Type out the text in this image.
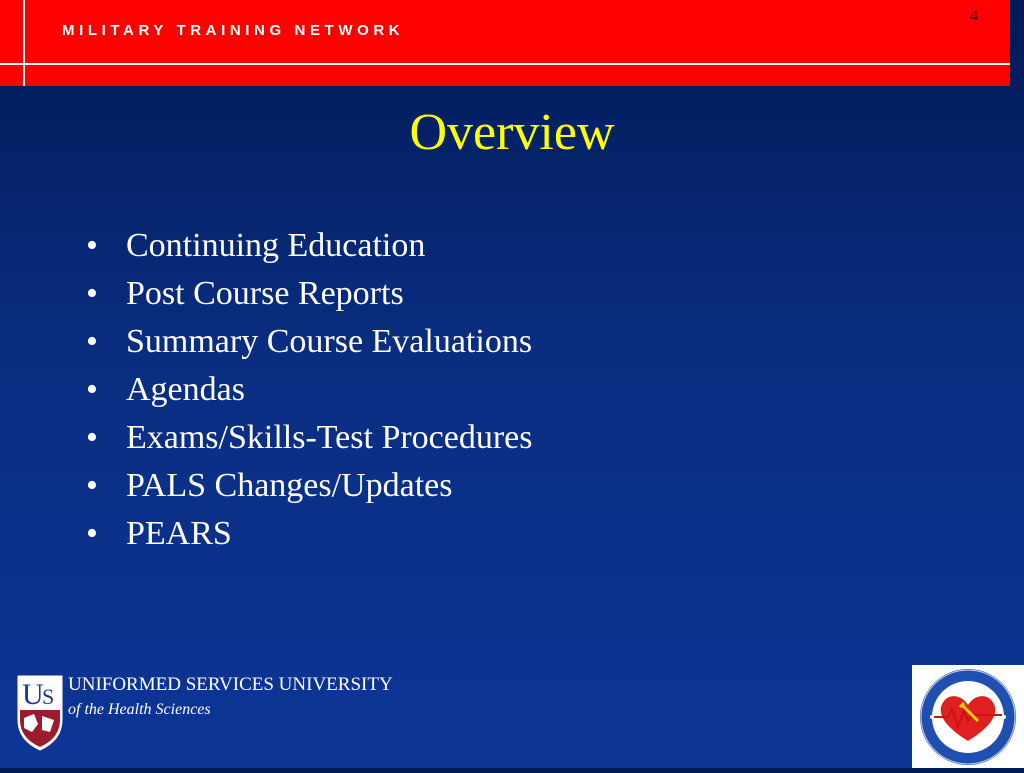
MILITARY TRAINING NETWORK
4
Overview
• Continuing Education
• Post Course Reports
• Summary Course Evaluations
• Agendas
• Exams/Skills-Test Procedures
• PALS Changes/Updates
• PEARS
U
S UNIFORMED SERVICES UNIVERSITY
of the Health Sciences
